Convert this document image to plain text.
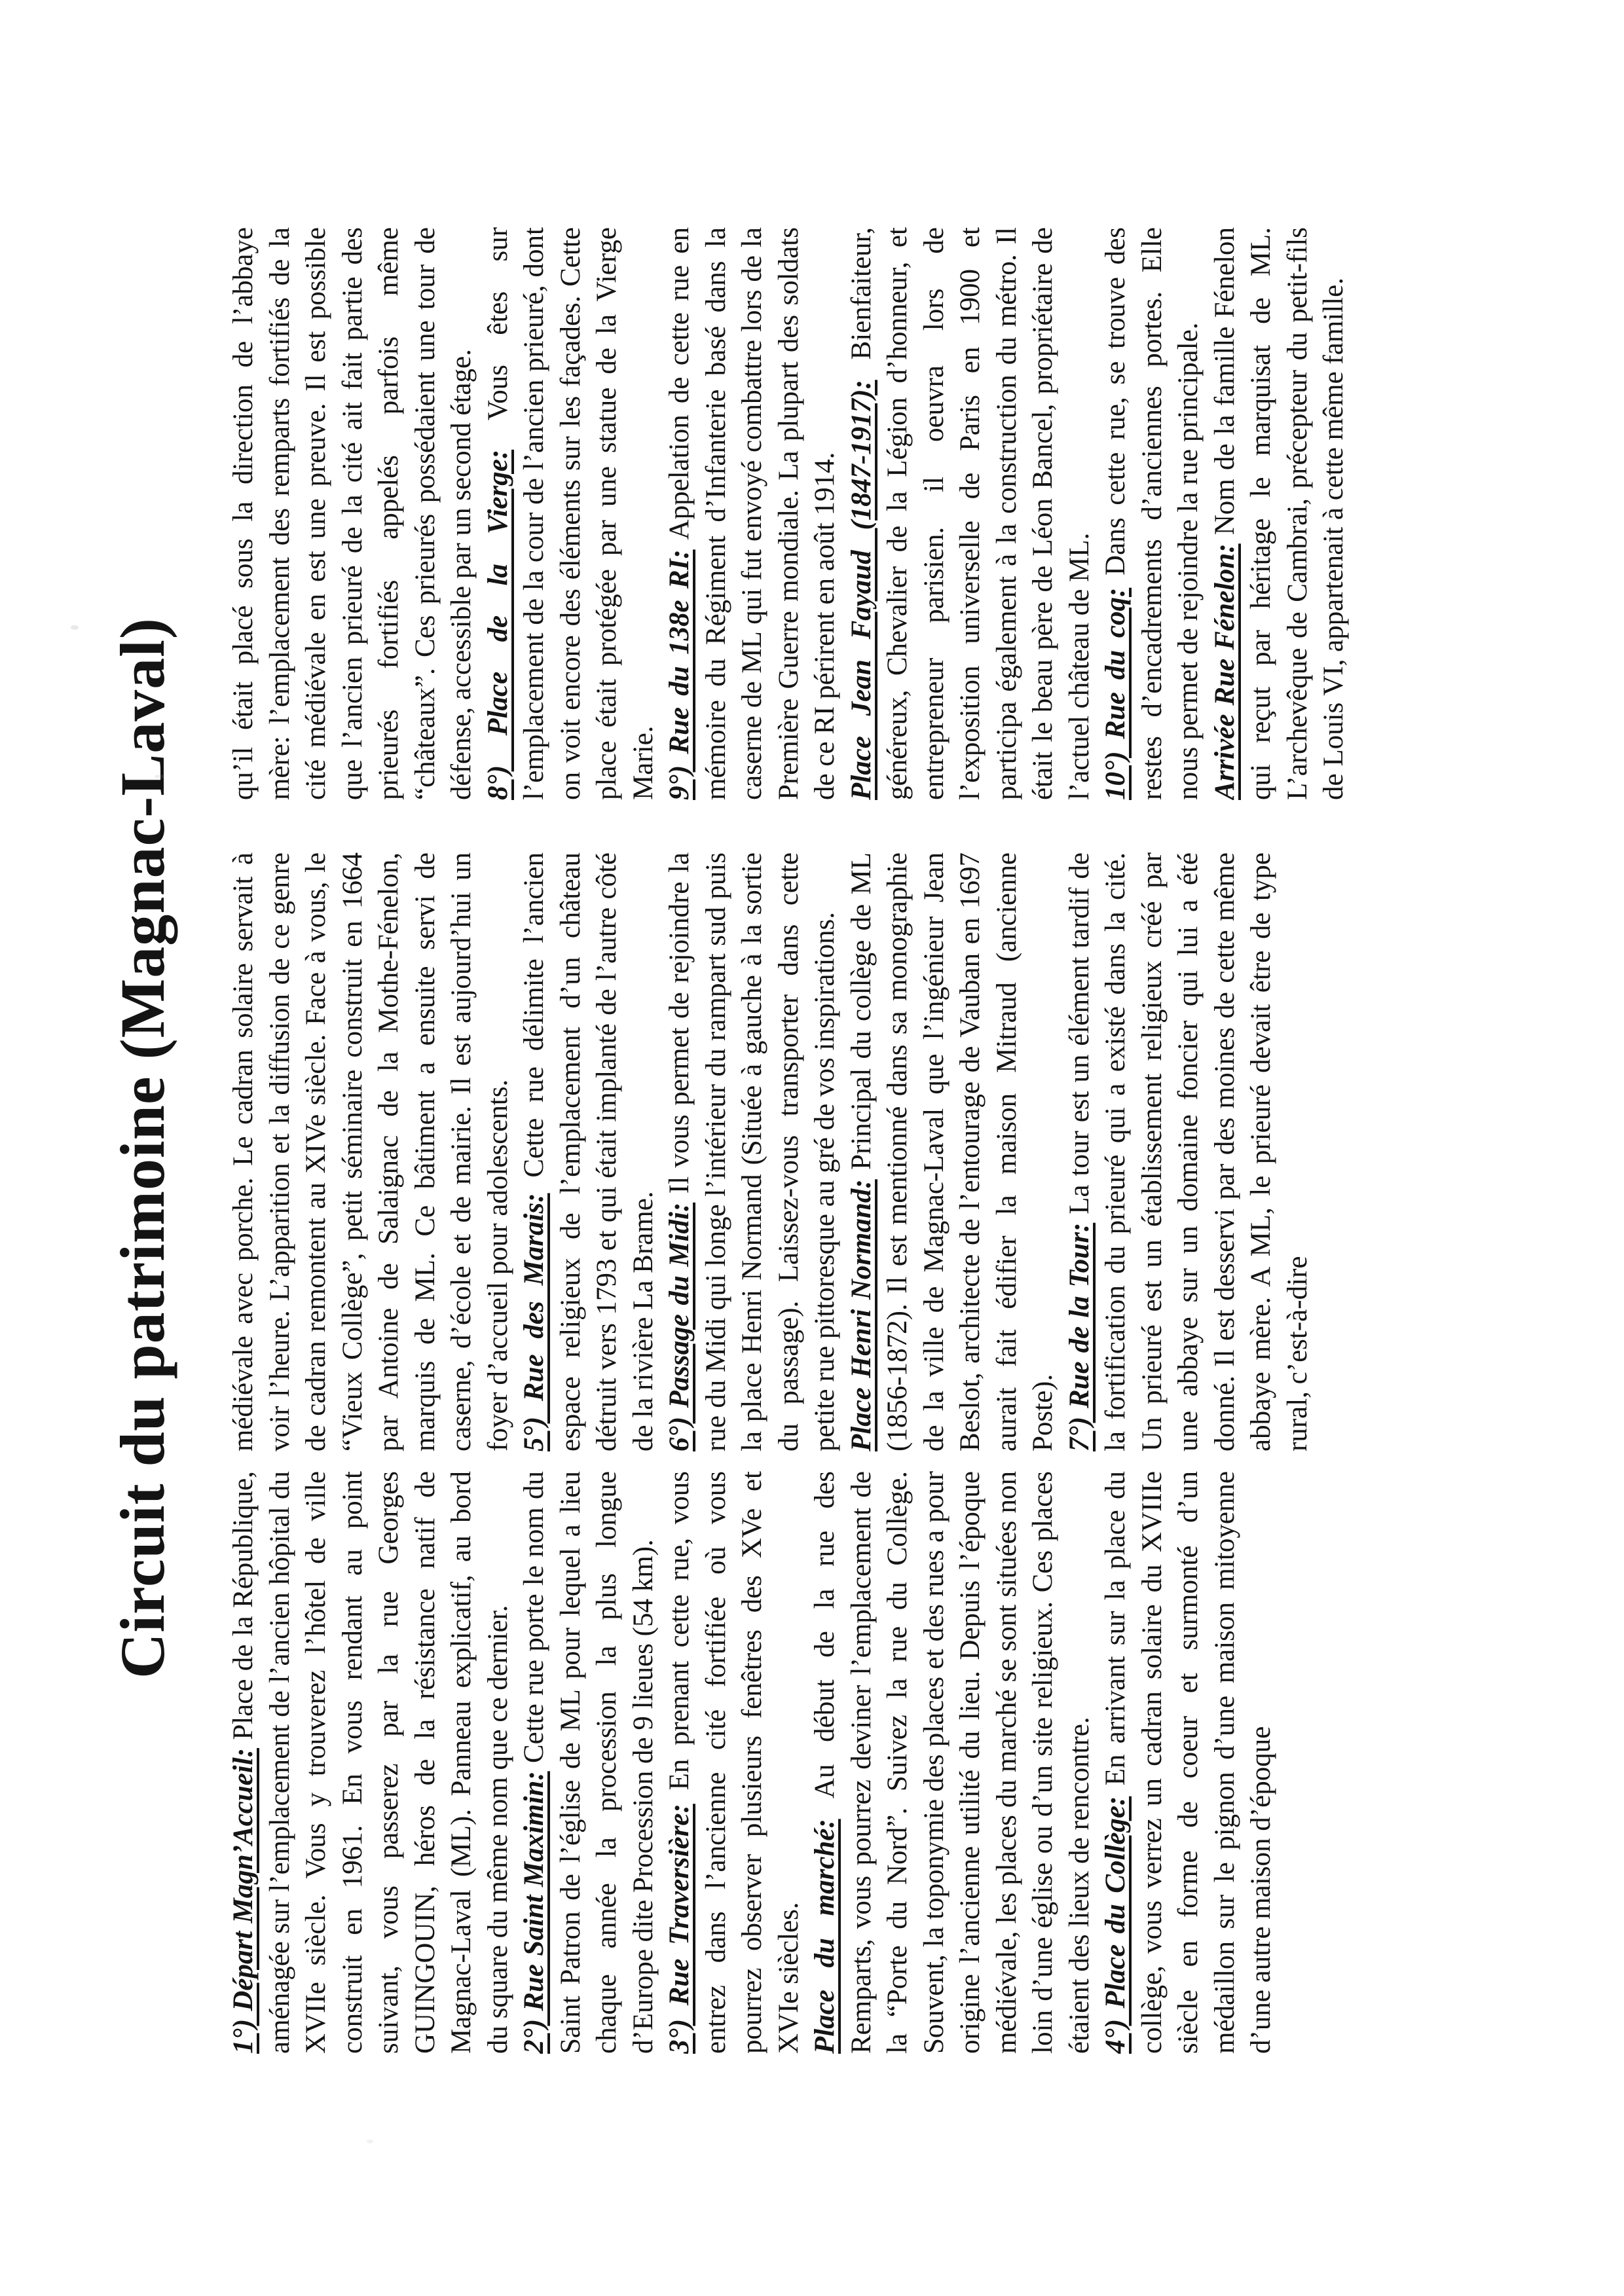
Circuit du patrimoine (Magnac-Laval)

1°) Départ Magn’Accueil: Place de la République, aménagée sur l’emplacement de l’ancien hôpital du XVIIe siècle. Vous y trouverez l’hôtel de ville construit en 1961. En vous rendant au point suivant, vous passerez par la rue Georges GUINGOUIN, héros de la résistance natif de Magnac-Laval (ML). Panneau explicatif, au bord du square du même nom que ce dernier. 2°) Rue Saint Maximin: Cette rue porte le nom du Saint Patron de l’église de ML pour lequel a lieu chaque année la procession la plus longue d’Europe dite Procession de 9 lieues (54 km). 3°) Rue Traversière: En prenant cette rue, vous entrez dans l’ancienne cité fortifiée où vous pourrez observer plusieurs fenêtres des XVe et XVIe siècles. Place du marché: Au début de la rue des Remparts, vous pourrez deviner l’emplacement de la “Porte du Nord”. Suivez la rue du Collège. Souvent, la toponymie des places et des rues a pour origine l’ancienne utilité du lieu. Depuis l’époque médiévale, les places du marché se sont situées non loin d’une église ou d’un site religieux. Ces places étaient des lieux de rencontre. 4°) Place du Collège: En arrivant sur la place du collège, vous verrez un cadran solaire du XVIIIe siècle en forme de coeur et surmonté d’un médaillon sur le pignon d’une maison mitoyenne d’une autre maison d’époque

médiévale avec porche. Le cadran solaire servait à voir l’heure. L’apparition et la diffusion de ce genre de cadran remontent au XIVe siècle. Face à vous, le “Vieux Collège”, petit séminaire construit en 1664 par Antoine de Salaignac de la Mothe-Fénelon, marquis de ML. Ce bâtiment a ensuite servi de caserne, d’école et de mairie. Il est aujourd’hui un foyer d’accueil pour adolescents. 5°) Rue des Marais: Cette rue délimite l’ancien espace religieux de l’emplacement d’un château détruit vers 1793 et qui était implanté de l’autre côté de la rivière La Brame. 6°) Passage du Midi: Il vous permet de rejoindre la rue du Midi qui longe l’intérieur du rampart sud puis la place Henri Normand (Située à gauche à la sortie du passage). Laissez-vous transporter dans cette petite rue pittoresque au gré de vos inspirations. Place Henri Normand: Principal du collège de ML (1856-1872). Il est mentionné dans sa monographie de la ville de Magnac-Laval que l’ingénieur Jean Beslot, architecte de l’entourage de Vauban en 1697 aurait fait édifier la maison Mitraud (ancienne Poste). 7°) Rue de la Tour: La tour est un élément tardif de la fortification du prieuré qui a existé dans la cité. Un prieuré est un établissement religieux créé par une abbaye sur un domaine foncier qui lui a été donné. Il est desservi par des moines de cette même abbaye mère. A ML, le prieuré devait être de type rural, c’est-à-dire

qu’il était placé sous la direction de l’abbaye mère: l’emplacement des remparts fortifiés de la cité médiévale en est une preuve. Il est possible que l’ancien prieuré de la cité ait fait partie des prieurés fortifiés appelés parfois même “châteaux”. Ces prieurés possédaient une tour de défense, accessible par un second étage. 8°) Place de la Vierge: Vous êtes sur l’emplacement de la cour de l’ancien prieuré, dont on voit encore des éléments sur les façades. Cette place était protégée par une statue de la Vierge Marie. 9°) Rue du 138e RI: Appelation de cette rue en mémoire du Régiment d’Infanterie basé dans la caserne de ML qui fut envoyé combattre lors de la Première Guerre mondiale. La plupart des soldats de ce RI périrent en août 1914. Place Jean Fayaud (1847-1917): Bienfaiteur, généreux, Chevalier de la Légion d’honneur, et entrepreneur parisien. il oeuvra lors de l’exposition universelle de Paris en 1900 et participa également à la construction du métro. Il était le beau père de Léon Bancel, propriétaire de l’actuel château de ML. 10°) Rue du coq: Dans cette rue, se trouve des restes d’encadrements d’anciennes portes. Elle nous permet de rejoindre la rue principale. Arrivée Rue Fénelon: Nom de la famille Fénelon qui reçut par héritage le marquisat de ML. L’archevêque de Cambrai, précepteur du petit-fils de Louis VI, appartenait à cette même famille.
